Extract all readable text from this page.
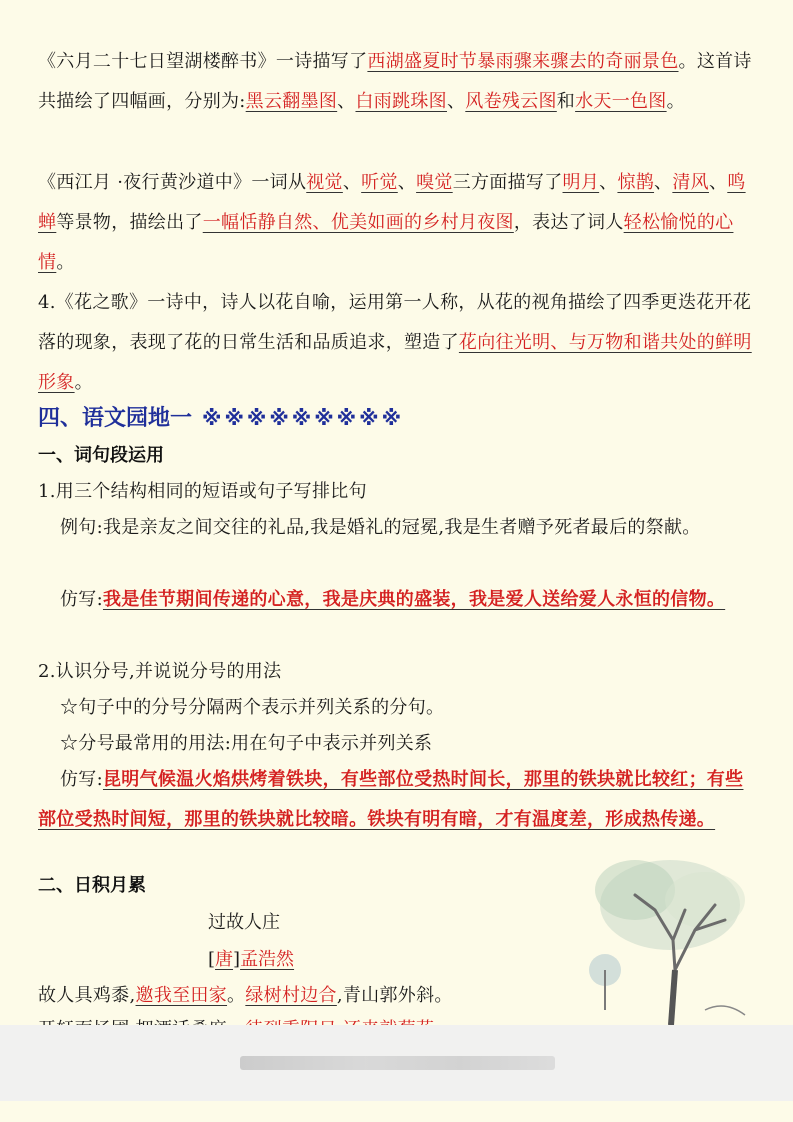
《六月二十七日望湖楼醉书》一诗描写了西湖盛夏时节暴雨骤来骤去的奇丽景色。这首诗共描绘了四幅画，分别为:黑云翻墨图、白雨跳珠图、风卷残云图和水天一色图。

《西江月 ·夜行黄沙道中》一词从视觉、听觉、嗅觉三方面描写了明月、惊鹊、清风、鸣蝉等景物，描绘出了一幅恬静自然、优美如画的乡村月夜图，表达了词人轻松愉悦的心情。

4.《花之歌》一诗中，诗人以花自喻，运用第一人称，从花的视角描绘了四季更迭花开花落的现象，表现了花的日常生活和品质追求，塑造了花向往光明、与万物和谐共处的鲜明形象。

四、语文园地一 ※※※※※※※※※
一、词句段运用

1.用三个结构相同的短语或句子写排比句

例句:我是亲友之间交往的礼品,我是婚礼的冠冕,我是生者赠予死者最后的祭献。

仿写:我是佳节期间传递的心意，我是庆典的盛装，我是爱人送给爱人永恒的信物。

2.认识分号,并说说分号的用法

☆句子中的分号分隔两个表示并列关系的分句。

☆分号最常用的用法:用在句子中表示并列关系

仿写:昆明气候温火焰烘烤着铁块，有些部位受热时间长，那里的铁块就比较红；有些部位受热时间短，那里的铁块就比较暗。铁块有明有暗，才有温度差，形成热传递。

二、日积月累
过故人庄
[唐]孟浩然

故人具鸡黍,邀我至田家。绿树村边合,青山郭外斜。
